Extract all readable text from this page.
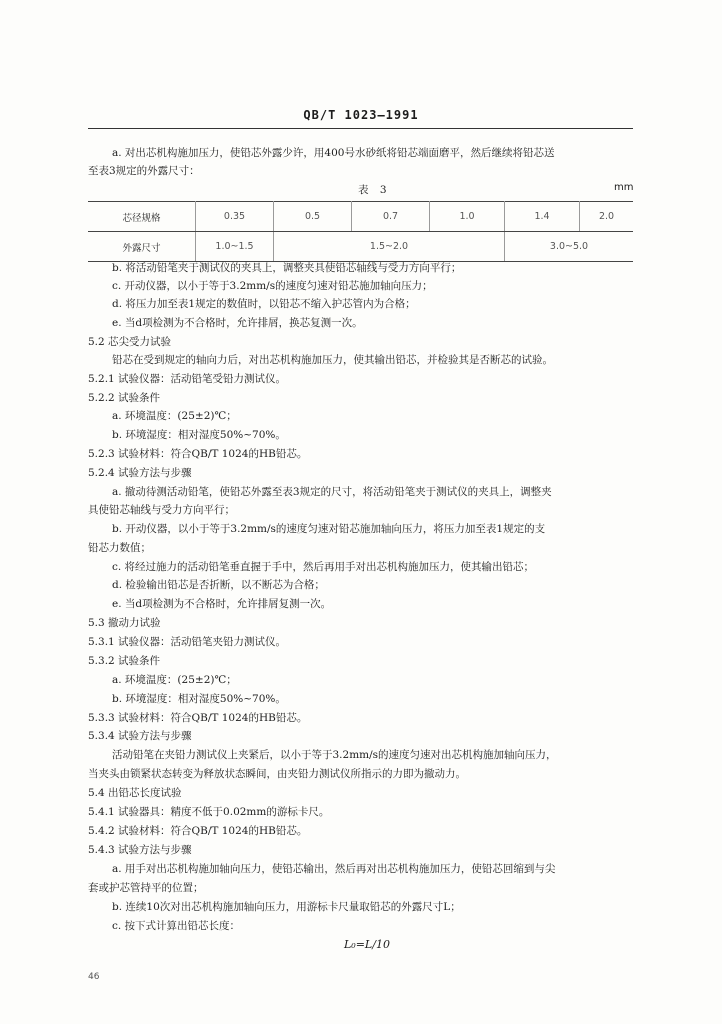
QB/T 1023—1991
a. 对出芯机构施加压力，使铅芯外露少许，用400号水砂纸将铅芯端面磨平，然后继续将铅芯送
至表3规定的外露尺寸：
表 3	mm
芯径规格	0.35	0.5	0.7	1.0	1.4	2.0
外露尺寸	1.0~1.5	1.5~2.0			3.0~5.0	
b. 将活动铅笔夹于测试仪的夹具上，调整夹具使铅芯轴线与受力方向平行；
c. 开动仪器，以小于等于3.2mm/s的速度匀速对铅芯施加轴向压力；
d. 将压力加至表1规定的数值时，以铅芯不缩入护芯管内为合格；
e. 当d项检测为不合格时，允许排屑，换芯复测一次。
5.2 芯尖受力试验
铅芯在受到规定的轴向力后，对出芯机构施加压力，使其输出铅芯，并检验其是否断芯的试验。
5.2.1 试验仪器：活动铅笔受铅力测试仪。
5.2.2 试验条件
a. 环境温度：(25±2)℃；
b. 环境湿度：相对湿度50%~70%。
5.2.3 试验材料：符合QB/T 1024的HB铅芯。
5.2.4 试验方法与步骤
a. 撤动待测活动铅笔，使铅芯外露至表3规定的尺寸，将活动铅笔夹于测试仪的夹具上，调整夹
具使铅芯轴线与受力方向平行；
b. 开动仪器，以小于等于3.2mm/s的速度匀速对铅芯施加轴向压力，将压力加至表1规定的支
铅芯力数值；
c. 将经过施力的活动铅笔垂直握于手中，然后再用手对出芯机构施加压力，使其输出铅芯；
d. 检验输出铅芯是否折断，以不断芯为合格；
e. 当d项检测为不合格时，允许排屑复测一次。
5.3 撤动力试验
5.3.1 试验仪器：活动铅笔夹铅力测试仪。
5.3.2 试验条件
a. 环境温度：(25±2)℃；
b. 环境湿度：相对湿度50%~70%。
5.3.3 试验材料：符合QB/T 1024的HB铅芯。
5.3.4 试验方法与步骤
活动铅笔在夹铅力测试仪上夹紧后，以小于等于3.2mm/s的速度匀速对出芯机构施加轴向压力，
当夹头由锁紧状态转变为释放状态瞬间，由夹铅力测试仪所指示的力即为撤动力。
5.4 出铅芯长度试验
5.4.1 试验器具：精度不低于0.02mm的游标卡尺。
5.4.2 试验材料：符合QB/T 1024的HB铅芯。
5.4.3 试验方法与步骤
a. 用手对出芯机构施加轴向压力，使铅芯输出，然后再对出芯机构施加压力，使铅芯回缩到与尖
套或护芯管持平的位置；
b. 连续10次对出芯机构施加轴向压力，用游标卡尺量取铅芯的外露尺寸L；
c. 按下式计算出铅芯长度：
L₀=L/10
46
